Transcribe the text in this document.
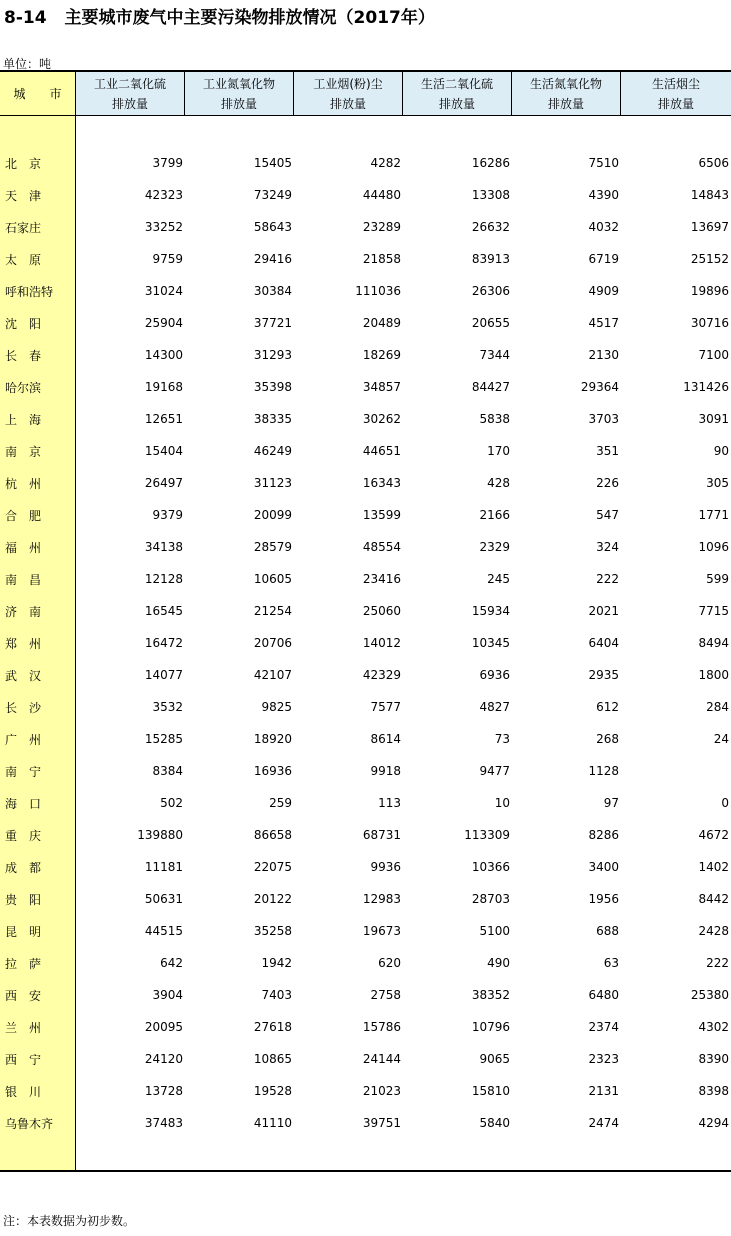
8-14 主要城市废气中主要污染物排放情况（2017年）
单位：吨
城　　市
工业二氧化硫
排放量
工业氮氧化物
排放量
工业烟(粉)尘
排放量
生活二氧化硫
排放量
生活氮氧化物
排放量
生活烟尘
排放量
北　京	3799	15405	4282	16286	7510	6506
天　津	42323	73249	44480	13308	4390	14843
石家庄	33252	58643	23289	26632	4032	13697
太　原	9759	29416	21858	83913	6719	25152
呼和浩特	31024	30384	111036	26306	4909	19896
沈　阳	25904	37721	20489	20655	4517	30716
长　春	14300	31293	18269	7344	2130	7100
哈尔滨	19168	35398	34857	84427	29364	131426
上　海	12651	38335	30262	5838	3703	3091
南　京	15404	46249	44651	170	351	90
杭　州	26497	31123	16343	428	226	305
合　肥	9379	20099	13599	2166	547	1771
福　州	34138	28579	48554	2329	324	1096
南　昌	12128	10605	23416	245	222	599
济　南	16545	21254	25060	15934	2021	7715
郑　州	16472	20706	14012	10345	6404	8494
武　汉	14077	42107	42329	6936	2935	1800
长　沙	3532	9825	7577	4827	612	284
广　州	15285	18920	8614	73	268	24
南　宁	8384	16936	9918	9477	1128
海　口	502	259	113	10	97	0
重　庆	139880	86658	68731	113309	8286	4672
成　都	11181	22075	9936	10366	3400	1402
贵　阳	50631	20122	12983	28703	1956	8442
昆　明	44515	35258	19673	5100	688	2428
拉　萨	642	1942	620	490	63	222
西　安	3904	7403	2758	38352	6480	25380
兰　州	20095	27618	15786	10796	2374	4302
西　宁	24120	10865	24144	9065	2323	8390
银　川	13728	19528	21023	15810	2131	8398
乌鲁木齐	37483	41110	39751	5840	2474	4294
注：本表数据为初步数。
